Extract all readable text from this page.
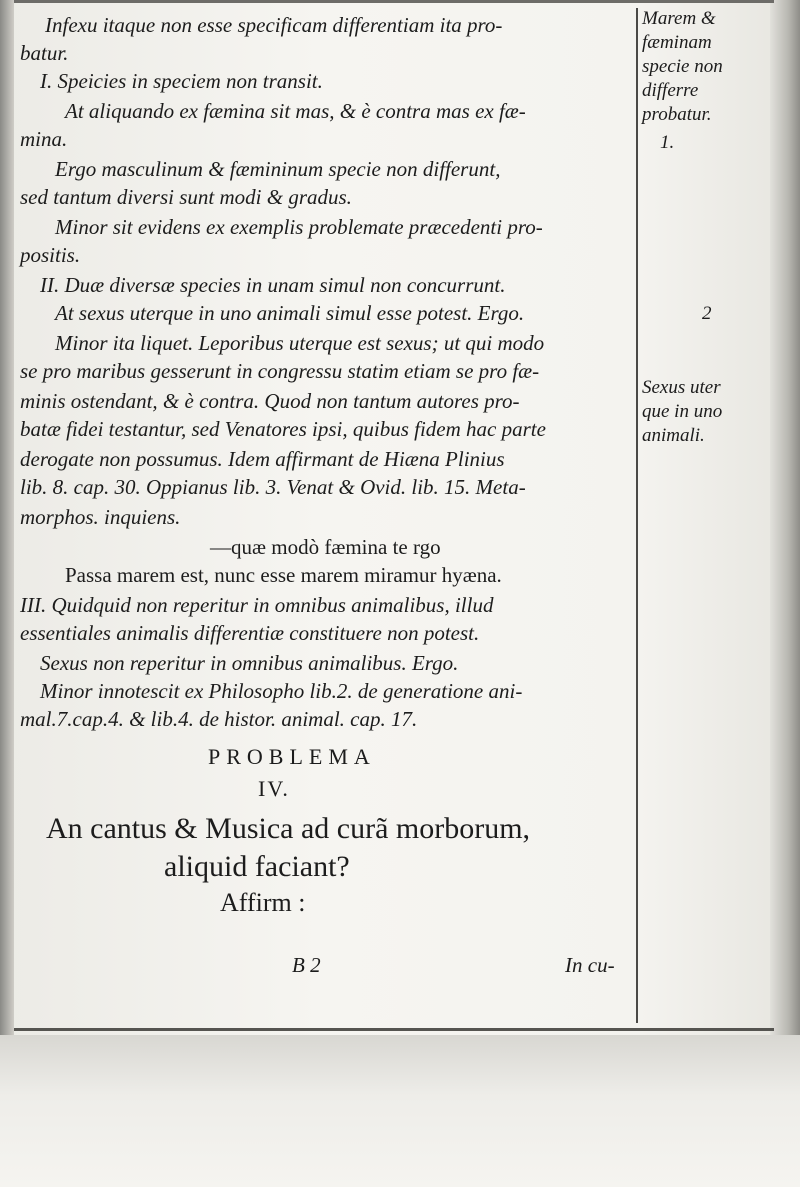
Infexu itaque non esse specificam differentiam ita pro-
batur.
I. Speicies in speciem non transit.
At aliquando ex fæmina sit mas, & è contra mas ex fæ-
mina.
Ergo masculinum & fæmininum specie non differunt,
sed tantum diversi sunt modi & gradus.
Minor sit evidens ex exemplis problemate præcedenti pro-
positis.
II. Duæ diversæ species in unam simul non concurrunt.
At sexus uterque in uno animali simul esse potest. Ergo.
Minor ita liquet. Leporibus uterque est sexus; ut qui modo
se pro maribus gesserunt in congressu statim etiam se pro fæ-
minis ostendant, & è contra. Quod non tantum autores pro-
batæ fidei testantur, sed Venatores ipsi, quibus fidem hac parte
derogate non possumus. Idem affirmant de Hiæna Plinius
lib. 8. cap. 30. Oppianus lib. 3. Venat & Ovid. lib. 15. Meta-
morphos. inquiens.
—quæ modò fæmina te rgo
Passa marem est, nunc esse marem miramur hyæna.
III. Quidquid non reperitur in omnibus animalibus, illud
essentiales animalis differentiæ constituere non potest.
Sexus non reperitur in omnibus animalibus. Ergo.
Minor innotescit ex Philosopho lib.2. de generatione ani-
mal.7.cap.4. & lib.4. de histor. animal. cap. 17.
PROBLEMA
IV.
An cantus & Musica ad curã morborum,
aliquid faciant?
Affirm :
B 2	In cu-
Marem &
fæminam
specie non
differre
probatur.
1.
2
Sexus uter
que in uno
animali.
